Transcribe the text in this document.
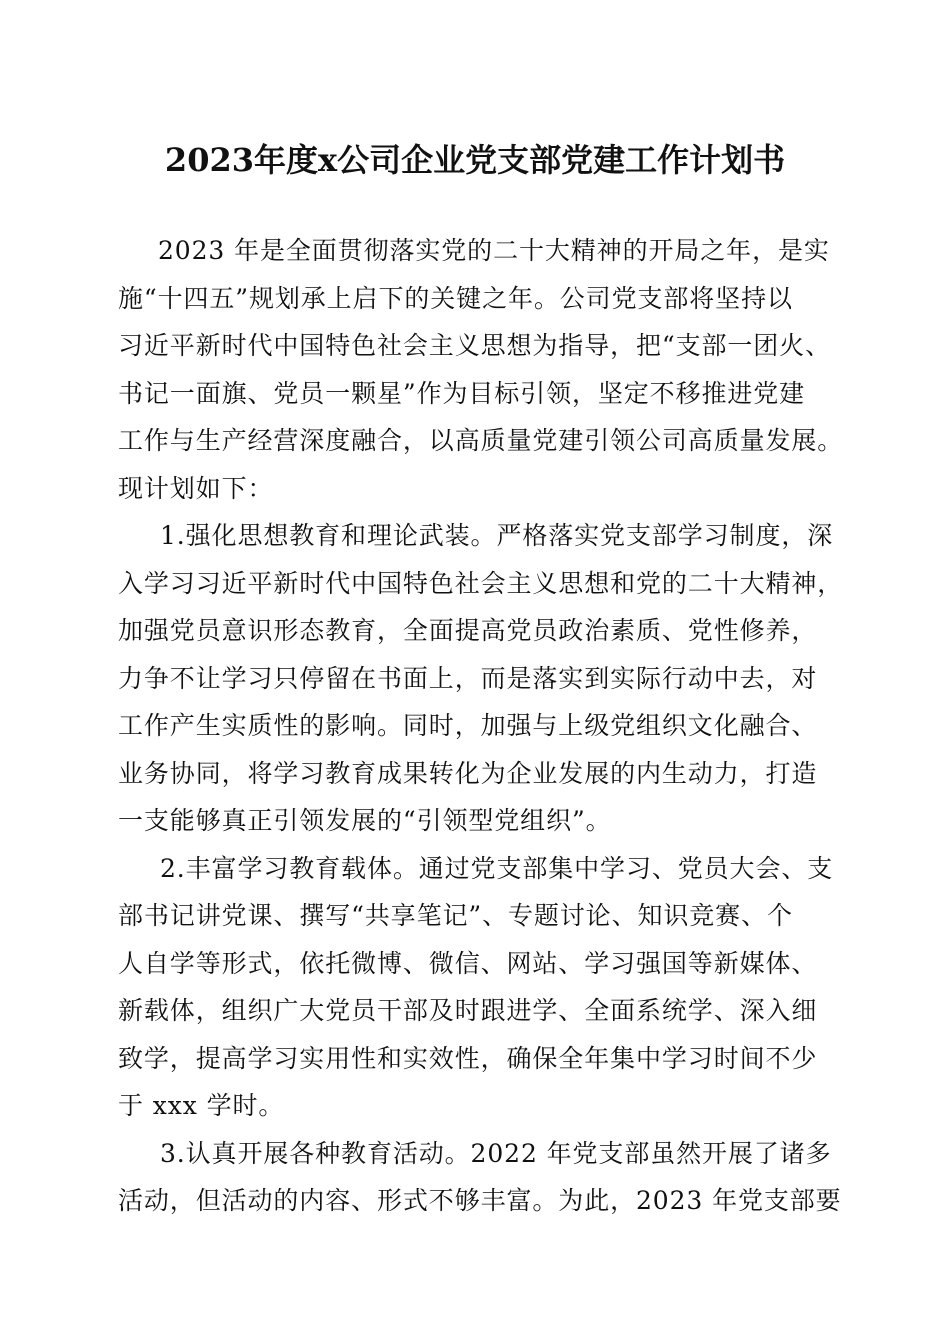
2023年度x公司企业党支部党建工作计划书
2023 年是全面贯彻落实党的二十大精神的开局之年，是实
施“十四五”规划承上启下的关键之年。公司党支部将坚持以
习近平新时代中国特色社会主义思想为指导，把“支部一团火、
书记一面旗、党员一颗星”作为目标引领，坚定不移推进党建
工作与生产经营深度融合，以高质量党建引领公司高质量发展。
现计划如下：
1.强化思想教育和理论武装。严格落实党支部学习制度，深
入学习习近平新时代中国特色社会主义思想和党的二十大精神，
加强党员意识形态教育，全面提高党员政治素质、党性修养，
力争不让学习只停留在书面上，而是落实到实际行动中去，对
工作产生实质性的影响。同时，加强与上级党组织文化融合、
业务协同，将学习教育成果转化为企业发展的内生动力，打造
一支能够真正引领发展的“引领型党组织”。
2.丰富学习教育载体。通过党支部集中学习、党员大会、支
部书记讲党课、撰写“共享笔记”、专题讨论、知识竞赛、个
人自学等形式，依托微博、微信、网站、学习强国等新媒体、
新载体，组织广大党员干部及时跟进学、全面系统学、深入细
致学，提高学习实用性和实效性，确保全年集中学习时间不少
于 xxx 学时。
3.认真开展各种教育活动。2022 年党支部虽然开展了诸多
活动，但活动的内容、形式不够丰富。为此，2023 年党支部要
